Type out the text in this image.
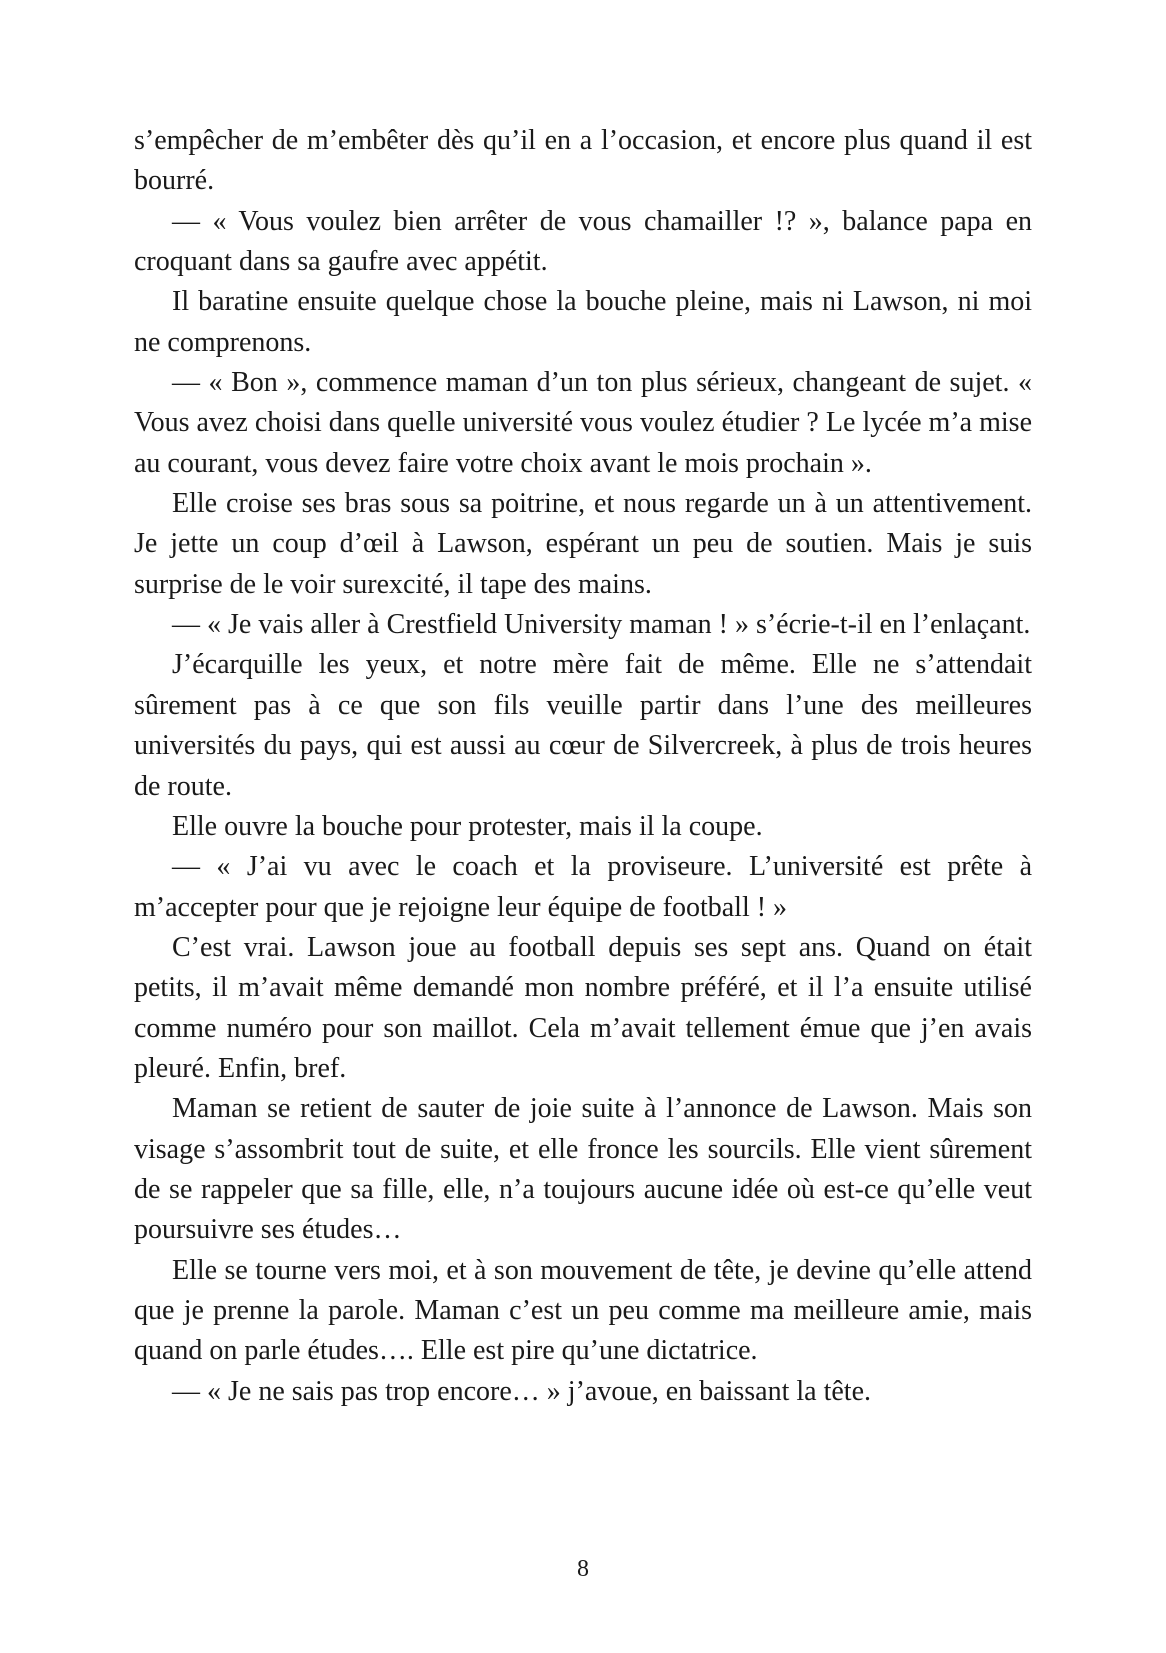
s’empêcher de m’embêter dès qu’il en a l’occasion, et encore plus quand il est bourré.

— « Vous voulez bien arrêter de vous chamailler !? », balance papa en croquant dans sa gaufre avec appétit.

Il baratine ensuite quelque chose la bouche pleine, mais ni Lawson, ni moi ne comprenons.

— « Bon », commence maman d’un ton plus sérieux, changeant de sujet. « Vous avez choisi dans quelle université vous voulez étudier ? Le lycée m’a mise au courant, vous devez faire votre choix avant le mois prochain ».

Elle croise ses bras sous sa poitrine, et nous regarde un à un attentivement. Je jette un coup d’œil à Lawson, espérant un peu de soutien. Mais je suis surprise de le voir surexcité, il tape des mains.

— « Je vais aller à Crestfield University maman ! » s’écrie-t-il en l’enlaçant.

J’écarquille les yeux, et notre mère fait de même. Elle ne s’attendait sûrement pas à ce que son fils veuille partir dans l’une des meilleures universités du pays, qui est aussi au cœur de Silvercreek, à plus de trois heures de route.

Elle ouvre la bouche pour protester, mais il la coupe.

— « J’ai vu avec le coach et la proviseure. L’université est prête à m’accepter pour que je rejoigne leur équipe de football ! »

C’est vrai. Lawson joue au football depuis ses sept ans. Quand on était petits, il m’avait même demandé mon nombre préféré, et il l’a ensuite utilisé comme numéro pour son maillot. Cela m’avait tellement émue que j’en avais pleuré. Enfin, bref.

Maman se retient de sauter de joie suite à l’annonce de Lawson. Mais son visage s’assombrit tout de suite, et elle fronce les sourcils. Elle vient sûrement de se rappeler que sa fille, elle, n’a toujours aucune idée où est-ce qu’elle veut poursuivre ses études…

Elle se tourne vers moi, et à son mouvement de tête, je devine qu’elle attend que je prenne la parole. Maman c’est un peu comme ma meilleure amie, mais quand on parle études…. Elle est pire qu’une dictatrice.

— « Je ne sais pas trop encore… » j’avoue, en baissant la tête.

8
